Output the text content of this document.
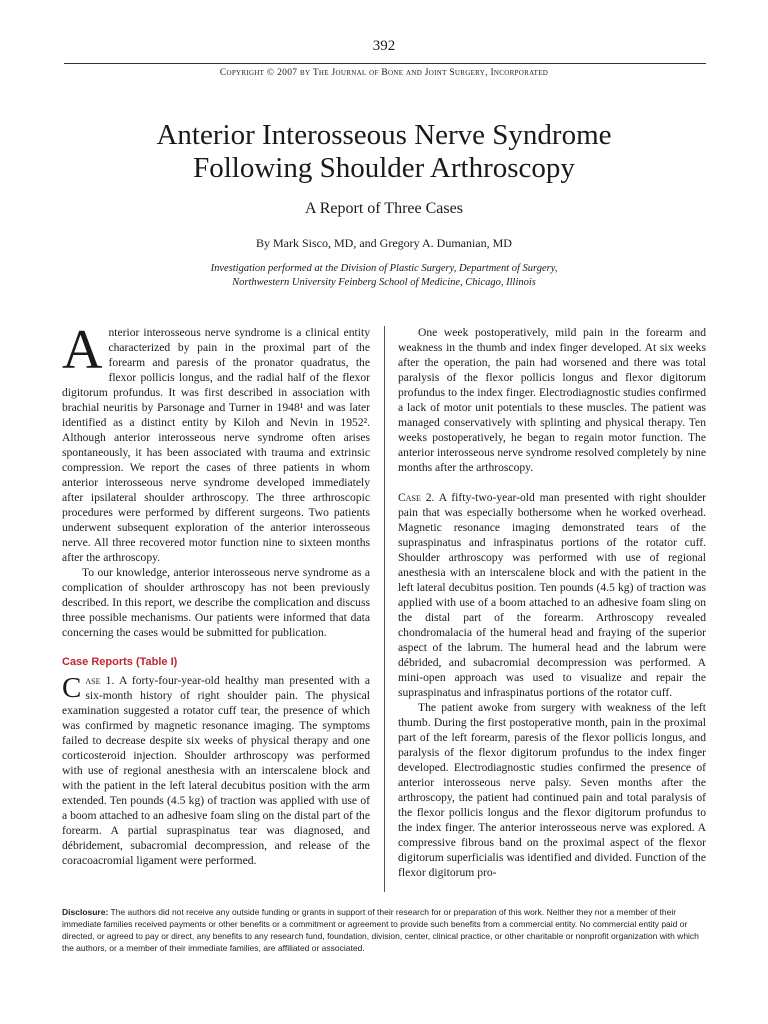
392
Copyright © 2007 by The Journal of Bone and Joint Surgery, Incorporated
Anterior Interosseous Nerve Syndrome
Following Shoulder Arthroscopy
A Report of Three Cases
By Mark Sisco, MD, and Gregory A. Dumanian, MD
Investigation performed at the Division of Plastic Surgery, Department of Surgery,
Northwestern University Feinberg School of Medicine, Chicago, Illinois

Anterior interosseous nerve syndrome is a clinical entity characterized by pain in the proximal part of the forearm and paresis of the pronator quadratus, the flexor pollicis longus, and the radial half of the flexor digitorum profundus. It was first described in association with brachial neuritis by Parsonage and Turner in 1948¹ and was later identified as a distinct entity by Kiloh and Nevin in 1952². Although anterior interosseous nerve syndrome often arises spontaneously, it has been associated with trauma and extrinsic compression. We report the cases of three patients in whom anterior interosseous nerve syndrome developed immediately after ipsilateral shoulder arthroscopy. The three arthroscopic procedures were performed by different surgeons. Two patients underwent subsequent exploration of the anterior interosseous nerve. All three recovered motor function nine to sixteen months after the arthroscopy.

To our knowledge, anterior interosseous nerve syndrome as a complication of shoulder arthroscopy has not been previously described. In this report, we describe the complication and discuss three possible mechanisms. Our patients were informed that data concerning the cases would be submitted for publication.

Case Reports (Table I)

Case 1. A forty-four-year-old healthy man presented with a six-month history of right shoulder pain. The physical examination suggested a rotator cuff tear, the presence of which was confirmed by magnetic resonance imaging. The symptoms failed to decrease despite six weeks of physical therapy and one corticosteroid injection. Shoulder arthroscopy was performed with use of regional anesthesia with an interscalene block and with the patient in the left lateral decubitus position with the arm extended. Ten pounds (4.5 kg) of traction was applied with use of a boom attached to an adhesive foam sling on the distal part of the forearm. A partial supraspinatus tear was diagnosed, and débridement, subacromial decompression, and release of the coracoacromial ligament were performed.

One week postoperatively, mild pain in the forearm and weakness in the thumb and index finger developed. At six weeks after the operation, the pain had worsened and there was total paralysis of the flexor pollicis longus and flexor digitorum profundus to the index finger. Electrodiagnostic studies confirmed a lack of motor unit potentials to these muscles. The patient was managed conservatively with splinting and physical therapy. Ten weeks postoperatively, he began to regain motor function. The anterior interosseous nerve syndrome resolved completely by nine months after the arthroscopy.

Case 2. A fifty-two-year-old man presented with right shoulder pain that was especially bothersome when he worked overhead. Magnetic resonance imaging demonstrated tears of the supraspinatus and infraspinatus portions of the rotator cuff. Shoulder arthroscopy was performed with use of regional anesthesia with an interscalene block and with the patient in the left lateral decubitus position. Ten pounds (4.5 kg) of traction was applied with use of a boom attached to an adhesive foam sling on the distal part of the forearm. Arthroscopy revealed chondromalacia of the humeral head and fraying of the superior aspect of the labrum. The humeral head and the labrum were débrided, and subacromial decompression was performed. A mini-open approach was used to visualize and repair the supraspinatus and infraspinatus portions of the rotator cuff.

The patient awoke from surgery with weakness of the left thumb. During the first postoperative month, pain in the proximal part of the left forearm, paresis of the flexor pollicis longus, and paralysis of the flexor digitorum profundus to the index finger developed. Electrodiagnostic studies confirmed the presence of anterior interosseous nerve palsy. Seven months after the arthroscopy, the patient had continued pain and total paralysis of the flexor pollicis longus and the flexor digitorum profundus to the index finger. The anterior interosseous nerve was explored. A compressive fibrous band on the proximal aspect of the flexor digitorum superficialis was identified and divided. Function of the flexor digitorum pro-

Disclosure: The authors did not receive any outside funding or grants in support of their research for or preparation of this work. Neither they nor a member of their immediate families received payments or other benefits or a commitment or agreement to provide such benefits from a commercial entity. No commercial entity paid or directed, or agreed to pay or direct, any benefits to any research fund, foundation, division, center, clinical practice, or other charitable or nonprofit organization with which the authors, or a member of their immediate families, are affiliated or associated.
